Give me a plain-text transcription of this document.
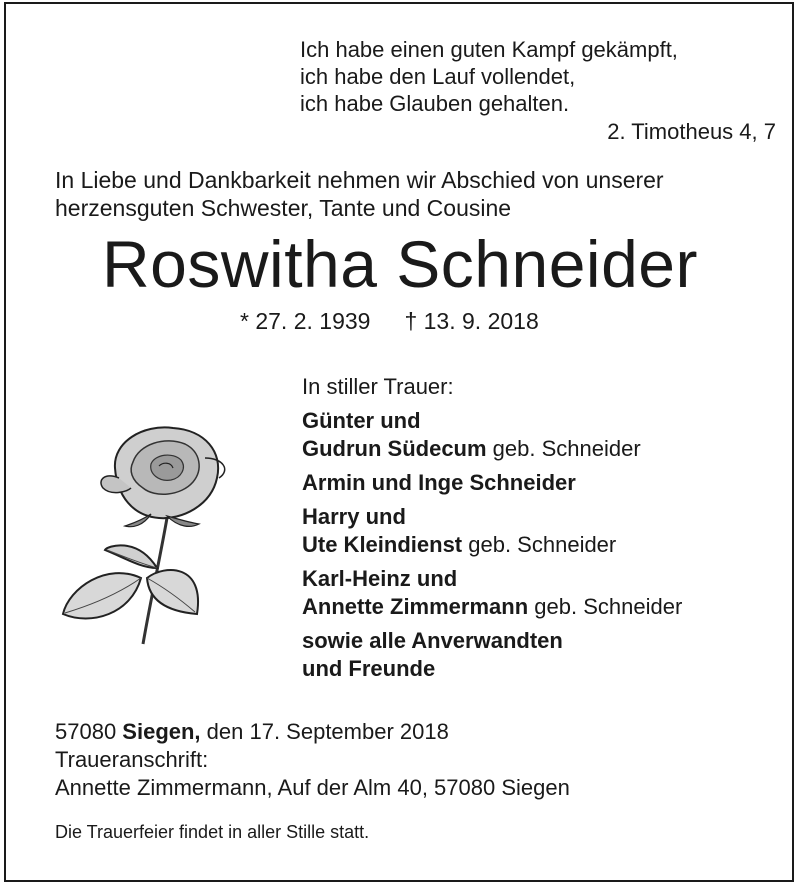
Ich habe einen guten Kampf gekämpft,
ich habe den Lauf vollendet,
ich habe Glauben gehalten.
2. Timotheus 4, 7
In Liebe und Dankbarkeit nehmen wir Abschied von unserer
herzensguten Schwester, Tante und Cousine
Roswitha Schneider
* 27. 2. 1939 † 13. 9. 2018
In stiller Trauer:
Günter und
Gudrun Südecum geb. Schneider
Armin und Inge Schneider
Harry und
Ute Kleindienst geb. Schneider
Karl-Heinz und
Annette Zimmermann geb. Schneider
sowie alle Anverwandten
und Freunde
57080 Siegen, den 17. September 2018
Traueranschrift:
Annette Zimmermann, Auf der Alm 40, 57080 Siegen
Die Trauerfeier findet in aller Stille statt.
